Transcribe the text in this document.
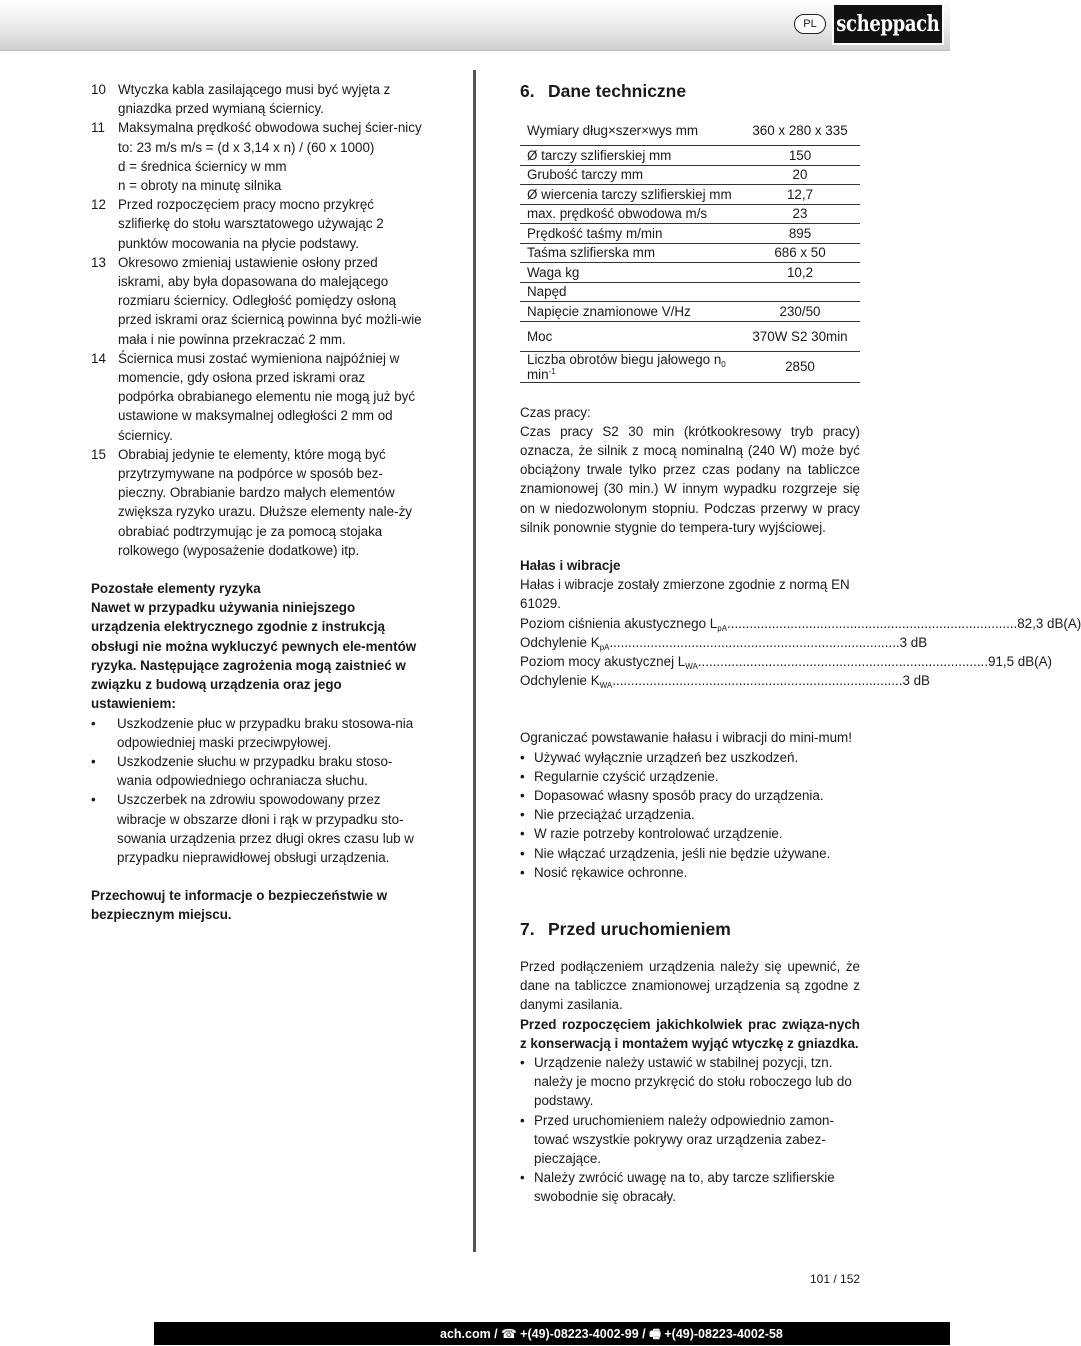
PL scheppach
10 Wtyczka kabla zasilającego musi być wyjęta z gniazdka przed wymianą ściernicy.
11 Maksymalna prędkość obwodowa suchej ścier-nicy to: 23 m/s m/s = (d x 3,14 x n) / (60 x 1000)
d = średnica ściernicy w mm
n = obroty na minutę silnika
12 Przed rozpoczęciem pracy mocno przykręć szlifierkę do stołu warsztatowego używając 2 punktów mocowania na płycie podstawy.
13 Okresowo zmieniaj ustawienie osłony przed iskrami, aby była dopasowana do malejącego rozmiaru ściernicy. Odległość pomiędzy osłoną przed iskrami oraz ściernicą powinna być możli-wie mała i nie powinna przekraczać 2 mm.
14 Ściernica musi zostać wymieniona najpóźniej w momencie, gdy osłona przed iskrami oraz podpórka obrabianego elementu nie mogą już być ustawione w maksymalnej odległości 2 mm od ściernicy.
15 Obrabiaj jedynie te elementy, które mogą być przytrzymywane na podpórce w sposób bez-pieczny. Obrabianie bardzo małych elementów zwiększa ryzyko urazu. Dłuższe elementy nale-ży obrabiać podtrzymując je za pomocą stojaka rolkowego (wyposażenie dodatkowe) itp.

Pozostałe elementy ryzyka

Nawet w przypadku używania niniejszego urządzenia elektrycznego zgodnie z instrukcją obsługi nie można wykluczyć pewnych ele-mentów ryzyka. Następujące zagrożenia mogą zaistnieć w związku z budową urządzenia oraz jego ustawieniem:

• Uszkodzenie płuc w przypadku braku stosowa-nia odpowiedniej maski przeciwpyłowej.
• Uszkodzenie słuchu w przypadku braku stoso-wania odpowiedniego ochraniacza słuchu.
• Uszczerbek na zdrowiu spowodowany przez wibracje w obszarze dłoni i rąk w przypadku sto-sowania urządzenia przez długi okres czasu lub w przypadku nieprawidłowej obsługi urządzenia.

Przechowuj te informacje o bezpieczeństwie w bezpiecznym miejscu.

6. Dane techniczne
Wymiary dług×szer×wys mm	360 x 280 x 335
Ø tarczy szlifierskiej mm	150
Grubość tarczy mm	20
Ø wiercenia tarczy szlifierskiej mm	12,7
max. prędkość obwodowa m/s	23
Prędkość taśmy m/min	895
Taśma szlifierska mm	686 x 50
Waga kg	10,2
Napęd	
Napięcie znamionowe V/Hz	230/50
Moc	370W S2 30min
Liczba obrotów biegu jałowego $n_0$
$\min^{-1}$	2850

Czas pracy:

Czas pracy S2 30 min (krótkookresowy tryb pracy) oznacza, że silnik z mocą nominalną (240 W) może być obciążony trwale tylko przez czas podany na tabliczce znamionowej (30 min.) W innym wypadku rozgrzeje się on w niedozwolonym stopniu. Podczas przerwy w pracy silnik ponownie stygnie do tempera-tury wyjściowej.

Hałas i wibracje

Hałas i wibracje zostały zmierzone zgodnie z normą EN 61029.

Poziom ciśnienia akustycznego $L_{pA}$ .............................................................................. 82,3 dB(A)
Odchylenie $K_{pA}$ .............................................................................. 3 dB
Poziom mocy akustycznej $L_{WA}$ .............................................................................. 91,5 dB(A)
Odchylenie $K_{WA}$ .............................................................................. 3 dB

Ograniczać powstawanie hałasu i wibracji do mini-mum!

• Używać wyłącznie urządzeń bez uszkodzeń.
• Regularnie czyścić urządzenie.
• Dopasować własny sposób pracy do urządzenia.
• Nie przeciążać urządzenia.
• W razie potrzeby kontrolować urządzenie.
• Nie włączać urządzenia, jeśli nie będzie używane.
• Nosić rękawice ochronne.
7. Przed uruchomieniem

Przed podłączeniem urządzenia należy się upewnić, że dane na tabliczce znamionowej urządzenia są zgodne z danymi zasilania.

Przed rozpoczęciem jakichkolwiek prac związa-nych z konserwacją i montażem wyjąć wtyczkę z gniazdka.

• Urządzenie należy ustawić w stabilnej pozycji, tzn. należy je mocno przykręcić do stołu roboczego lub do podstawy.
• Przed uruchomieniem należy odpowiednio zamon-tować wszystkie pokrywy oraz urządzenia zabez-pieczające.
• Należy zwrócić uwagę na to, aby tarcze szlifierskie swobodnie się obracały.
101 / 152
ach.com / ☎ +(49)-08223-4002-99 / 🖷 +(49)-08223-4002-58
